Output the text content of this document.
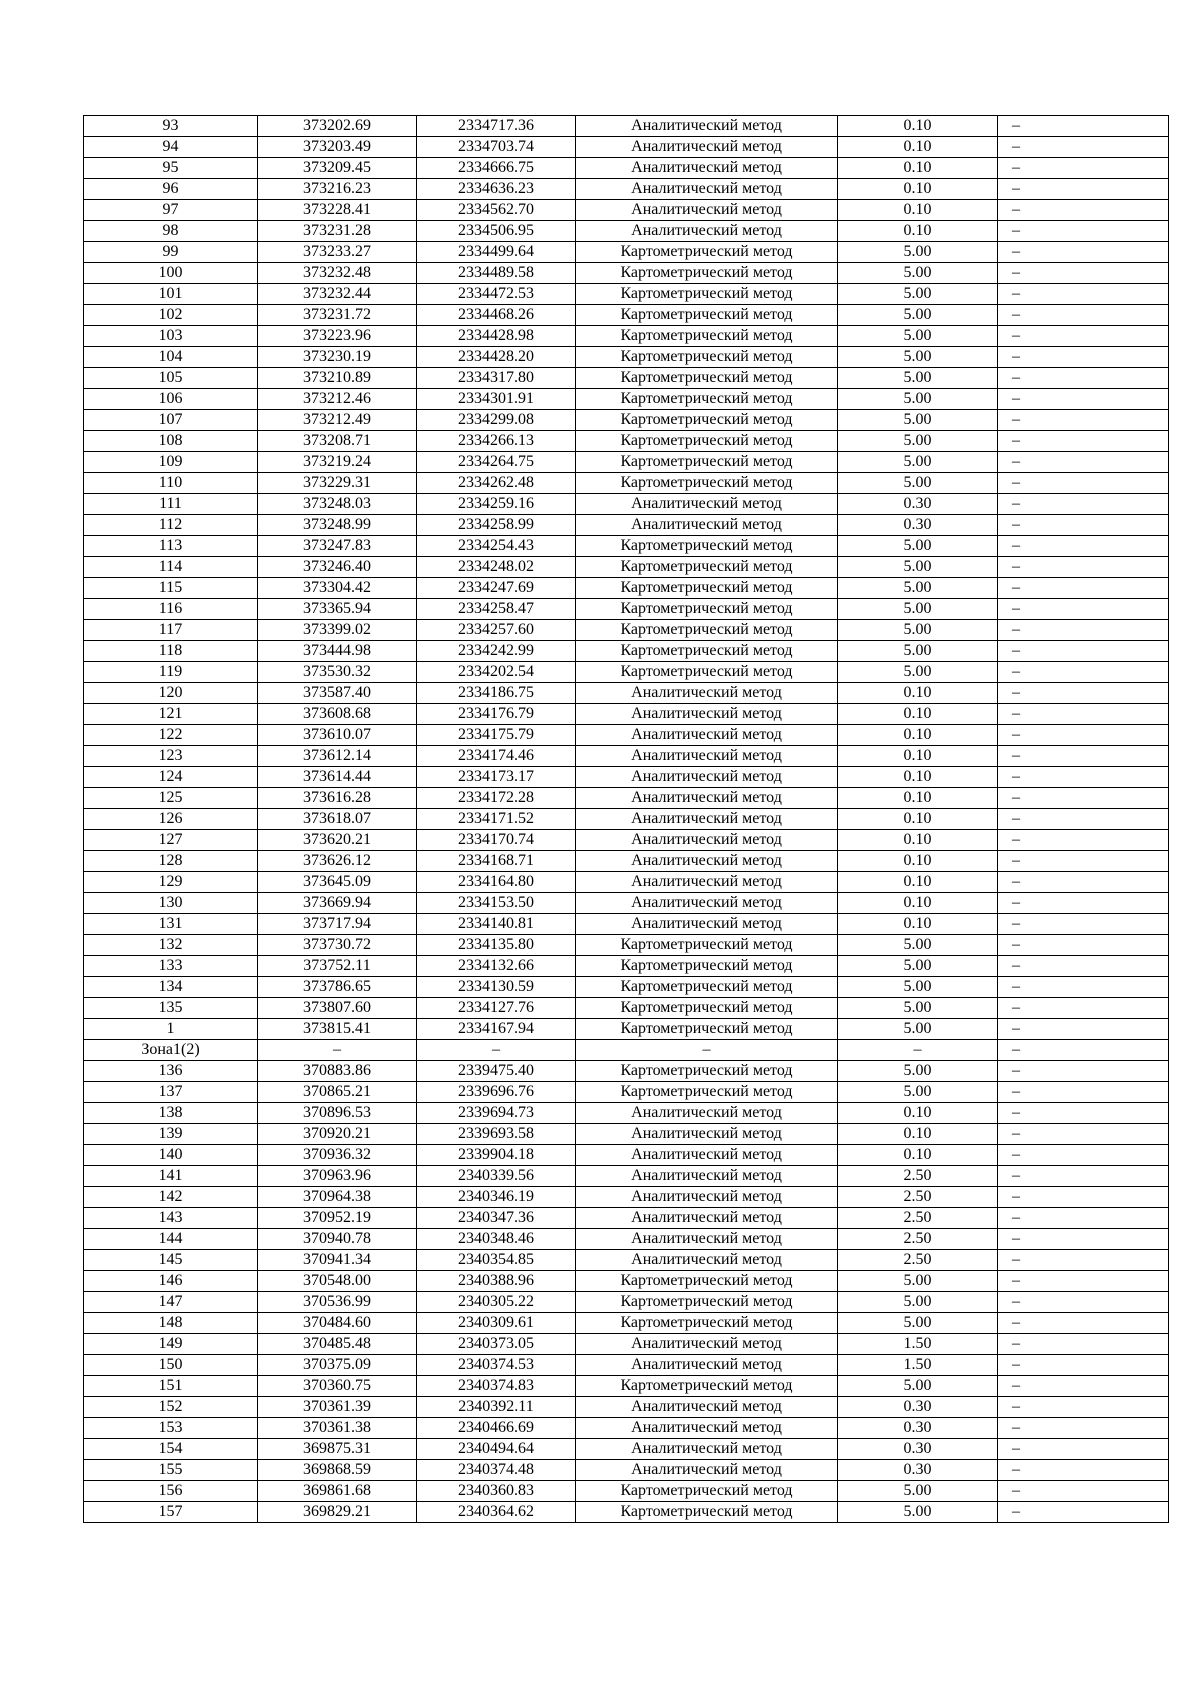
93	373202.69	2334717.36	Аналитический метод	0.10	–
94	373203.49	2334703.74	Аналитический метод	0.10	–
95	373209.45	2334666.75	Аналитический метод	0.10	–
96	373216.23	2334636.23	Аналитический метод	0.10	–
97	373228.41	2334562.70	Аналитический метод	0.10	–
98	373231.28	2334506.95	Аналитический метод	0.10	–
99	373233.27	2334499.64	Картометрический метод	5.00	–
100	373232.48	2334489.58	Картометрический метод	5.00	–
101	373232.44	2334472.53	Картометрический метод	5.00	–
102	373231.72	2334468.26	Картометрический метод	5.00	–
103	373223.96	2334428.98	Картометрический метод	5.00	–
104	373230.19	2334428.20	Картометрический метод	5.00	–
105	373210.89	2334317.80	Картометрический метод	5.00	–
106	373212.46	2334301.91	Картометрический метод	5.00	–
107	373212.49	2334299.08	Картометрический метод	5.00	–
108	373208.71	2334266.13	Картометрический метод	5.00	–
109	373219.24	2334264.75	Картометрический метод	5.00	–
110	373229.31	2334262.48	Картометрический метод	5.00	–
111	373248.03	2334259.16	Аналитический метод	0.30	–
112	373248.99	2334258.99	Аналитический метод	0.30	–
113	373247.83	2334254.43	Картометрический метод	5.00	–
114	373246.40	2334248.02	Картометрический метод	5.00	–
115	373304.42	2334247.69	Картометрический метод	5.00	–
116	373365.94	2334258.47	Картометрический метод	5.00	–
117	373399.02	2334257.60	Картометрический метод	5.00	–
118	373444.98	2334242.99	Картометрический метод	5.00	–
119	373530.32	2334202.54	Картометрический метод	5.00	–
120	373587.40	2334186.75	Аналитический метод	0.10	–
121	373608.68	2334176.79	Аналитический метод	0.10	–
122	373610.07	2334175.79	Аналитический метод	0.10	–
123	373612.14	2334174.46	Аналитический метод	0.10	–
124	373614.44	2334173.17	Аналитический метод	0.10	–
125	373616.28	2334172.28	Аналитический метод	0.10	–
126	373618.07	2334171.52	Аналитический метод	0.10	–
127	373620.21	2334170.74	Аналитический метод	0.10	–
128	373626.12	2334168.71	Аналитический метод	0.10	–
129	373645.09	2334164.80	Аналитический метод	0.10	–
130	373669.94	2334153.50	Аналитический метод	0.10	–
131	373717.94	2334140.81	Аналитический метод	0.10	–
132	373730.72	2334135.80	Картометрический метод	5.00	–
133	373752.11	2334132.66	Картометрический метод	5.00	–
134	373786.65	2334130.59	Картометрический метод	5.00	–
135	373807.60	2334127.76	Картометрический метод	5.00	–
1	373815.41	2334167.94	Картометрический метод	5.00	–
Зона1(2)	–	–	–	–	–
136	370883.86	2339475.40	Картометрический метод	5.00	–
137	370865.21	2339696.76	Картометрический метод	5.00	–
138	370896.53	2339694.73	Аналитический метод	0.10	–
139	370920.21	2339693.58	Аналитический метод	0.10	–
140	370936.32	2339904.18	Аналитический метод	0.10	–
141	370963.96	2340339.56	Аналитический метод	2.50	–
142	370964.38	2340346.19	Аналитический метод	2.50	–
143	370952.19	2340347.36	Аналитический метод	2.50	–
144	370940.78	2340348.46	Аналитический метод	2.50	–
145	370941.34	2340354.85	Аналитический метод	2.50	–
146	370548.00	2340388.96	Картометрический метод	5.00	–
147	370536.99	2340305.22	Картометрический метод	5.00	–
148	370484.60	2340309.61	Картометрический метод	5.00	–
149	370485.48	2340373.05	Аналитический метод	1.50	–
150	370375.09	2340374.53	Аналитический метод	1.50	–
151	370360.75	2340374.83	Картометрический метод	5.00	–
152	370361.39	2340392.11	Аналитический метод	0.30	–
153	370361.38	2340466.69	Аналитический метод	0.30	–
154	369875.31	2340494.64	Аналитический метод	0.30	–
155	369868.59	2340374.48	Аналитический метод	0.30	–
156	369861.68	2340360.83	Картометрический метод	5.00	–
157	369829.21	2340364.62	Картометрический метод	5.00	–
